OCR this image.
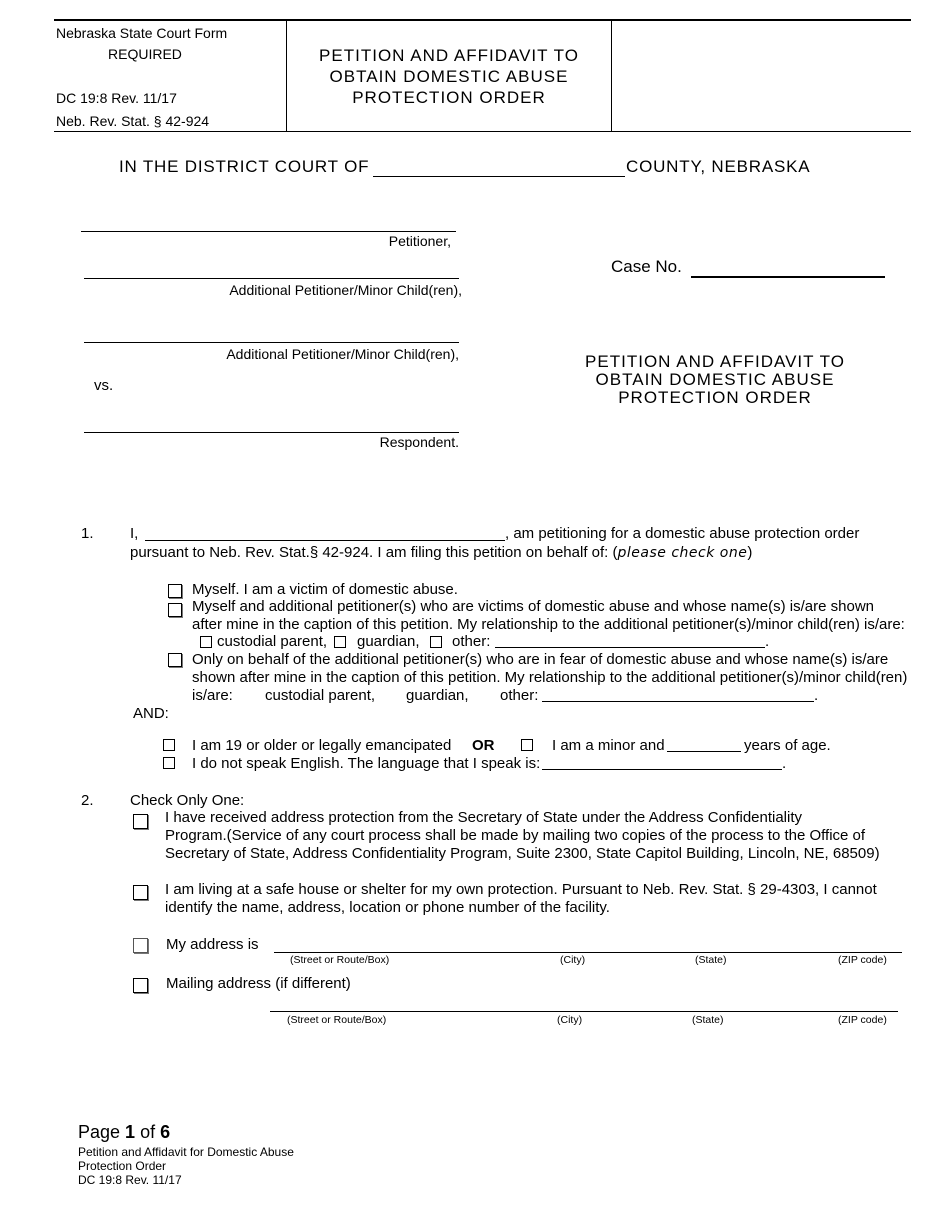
Nebraska State Court Form
REQUIRED
DC 19:8 Rev. 11/17
Neb. Rev. Stat. § 42-924
PETITION AND AFFIDAVIT TO
OBTAIN DOMESTIC ABUSE
PROTECTION ORDER
IN THE DISTRICT COURT OF	COUNTY, NEBRASKA
Petitioner,
Additional Petitioner/Minor Child(ren),
Additional Petitioner/Minor Child(ren),
vs.
Respondent.
Case No.
PETITION AND AFFIDAVIT TO
OBTAIN DOMESTIC ABUSE
PROTECTION ORDER
1. I,	, am petitioning for a domestic abuse protection order
pursuant to Neb. Rev. Stat.§ 42-924. I am filing this petition on behalf of: (please check one)
Myself. I am a victim of domestic abuse.
Myself and additional petitioner(s) who are victims of domestic abuse and whose name(s) is/are shown
after mine in the caption of this petition. My relationship to the additional petitioner(s)/minor child(ren) is/are:
custodial parent, guardian, other:	.
Only on behalf of the additional petitioner(s) who are in fear of domestic abuse and whose name(s) is/are
shown after mine in the caption of this petition. My relationship to the additional petitioner(s)/minor child(ren)
is/are: custodial parent, guardian, other:	.
AND:
I am 19 or older or legally emancipated OR	I am a minor and	years of age.
I do not speak English. The language that I speak is:	.
2. Check Only One:
I have received address protection from the Secretary of State under the Address Confidentiality
Program.(Service of any court process shall be made by mailing two copies of the process to the Office of
Secretary of State, Address Confidentiality Program, Suite 2300, State Capitol Building, Lincoln, NE, 68509)
I am living at a safe house or shelter for my own protection. Pursuant to Neb. Rev. Stat. § 29-4303, I cannot
identify the name, address, location or phone number of the facility.
My address is
(Street or Route/Box)	(City)	(State)	(ZIP code)
Mailing address (if different)
(Street or Route/Box)	(City)	(State)	(ZIP code)
Page 1 of 6
Petition and Affidavit for Domestic Abuse
Protection Order
DC 19:8 Rev. 11/17
